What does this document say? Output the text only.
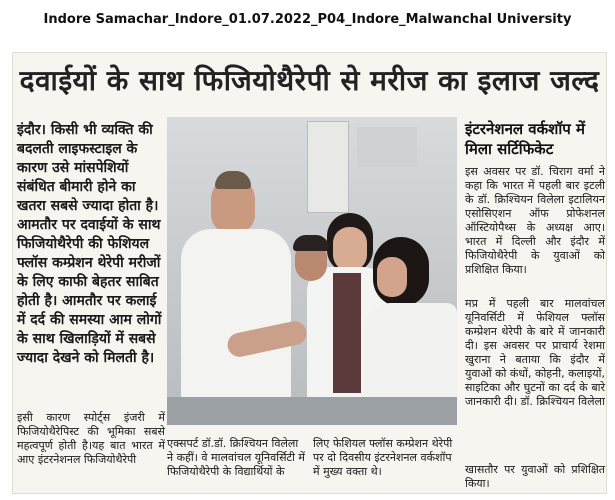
Indore Samachar_Indore_01.07.2022_P04_Indore_Malwanchal University
दवाईयों के साथ फिजियोथैरेपी से मरीज का इलाज जल्द
इंदौर। किसी भी व्यक्ति की बदलती लाइफस्टाइल के कारण उसे मांसपेशियों संबंधित बीमारी होने का खतरा सबसे ज्यादा होता है।आमतौर पर दवाईयों के साथ फिजियोथैरेपी की फेशियल फ्लॉस कम्प्रेशन थेरेपी मरीजों के लिए काफी बेहतर साबित होती है। आमतौर पर कलाई में दर्द की समस्या आम लोगों के साथ खिलाड़ियों में सबसे ज्यादा देखने को मिलती है।
इसी कारण स्पोर्ट्स इंजरी में फिजियोथैरेपिस्ट की भूमिका सबसे महत्वपूर्ण होती है।यह बात भारत में आए इंटरनेशनल फिजियोथैरेपी
इंटरनेशनल वर्कशॉप में मिला सर्टिफिकेट
इस अवसर पर डॉ. चिराग वर्मा ने कहा कि भारत में पहली बार इटली के डॉ. क्रिश्चियन विलेला इटालियन एसोसिएशन ऑफ प्रोफेशनल ऑस्टियोपैथ्स के अध्यक्ष आए। भारत में दिल्ली और इंदौर में फिजियोथैरेपी के युवाओं को प्रशिक्षित किया।
मप्र में पहली बार मालवांचल यूनिवर्सिटी में फेशियल फ्लॉस कम्प्रेशन थेरेपी के बारे में जानकारी दी। इस अवसर पर प्राचार्य रेशमा खुराना ने बताया कि इंदौर में युवाओं को कंधों, कोहनी, कलाइयों, साइटिका और घुटनों का दर्द के बारे जानकारी दी। डॉ. क्रिश्चियन विलेला
एक्सपर्ट डॉ.डॉ. क्रिश्चियन विलेला ने कहीं। वे मालवांचल यूनिवर्सिटी में फिजियोथैरेपी के विद्यार्थियों के
लिए फेशियल फ्लॉस कम्प्रेशन थेरेपी पर दो दिवसीय इंटरनेशनल वर्कशॉप में मुख्य वक्ता थे।	खासतौर पर युवाओं को प्रशिक्षित किया।
